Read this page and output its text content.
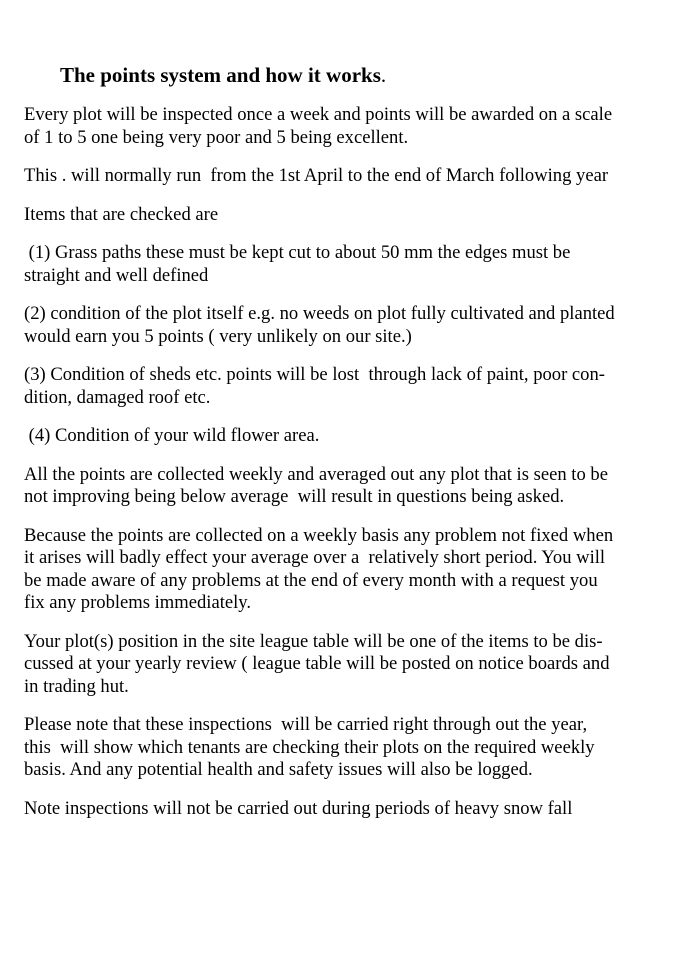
The points system and how it works.

Every plot will be inspected once a week and points will be awarded on a scale
of 1 to 5 one being very poor and 5 being excellent.

This . will normally run  from the 1st April to the end of March following year

Items that are checked are

(1) Grass paths these must be kept cut to about 50 mm the edges must be
straight and well defined

(2) condition of the plot itself e.g. no weeds on plot fully cultivated and planted
would earn you 5 points ( very unlikely on our site.)

(3) Condition of sheds etc. points will be lost  through lack of paint, poor con-
dition, damaged roof etc.

(4) Condition of your wild flower area.

All the points are collected weekly and averaged out any plot that is seen to be
not improving being below average  will result in questions being asked.

Because the points are collected on a weekly basis any problem not fixed when
it arises will badly effect your average over a  relatively short period. You will
be made aware of any problems at the end of every month with a request you
fix any problems immediately.

Your plot(s) position in the site league table will be one of the items to be dis-
cussed at your yearly review ( league table will be posted on notice boards and
in trading hut.

Please note that these inspections  will be carried right through out the year,
this  will show which tenants are checking their plots on the required weekly
basis. And any potential health and safety issues will also be logged.

Note inspections will not be carried out during periods of heavy snow fall
